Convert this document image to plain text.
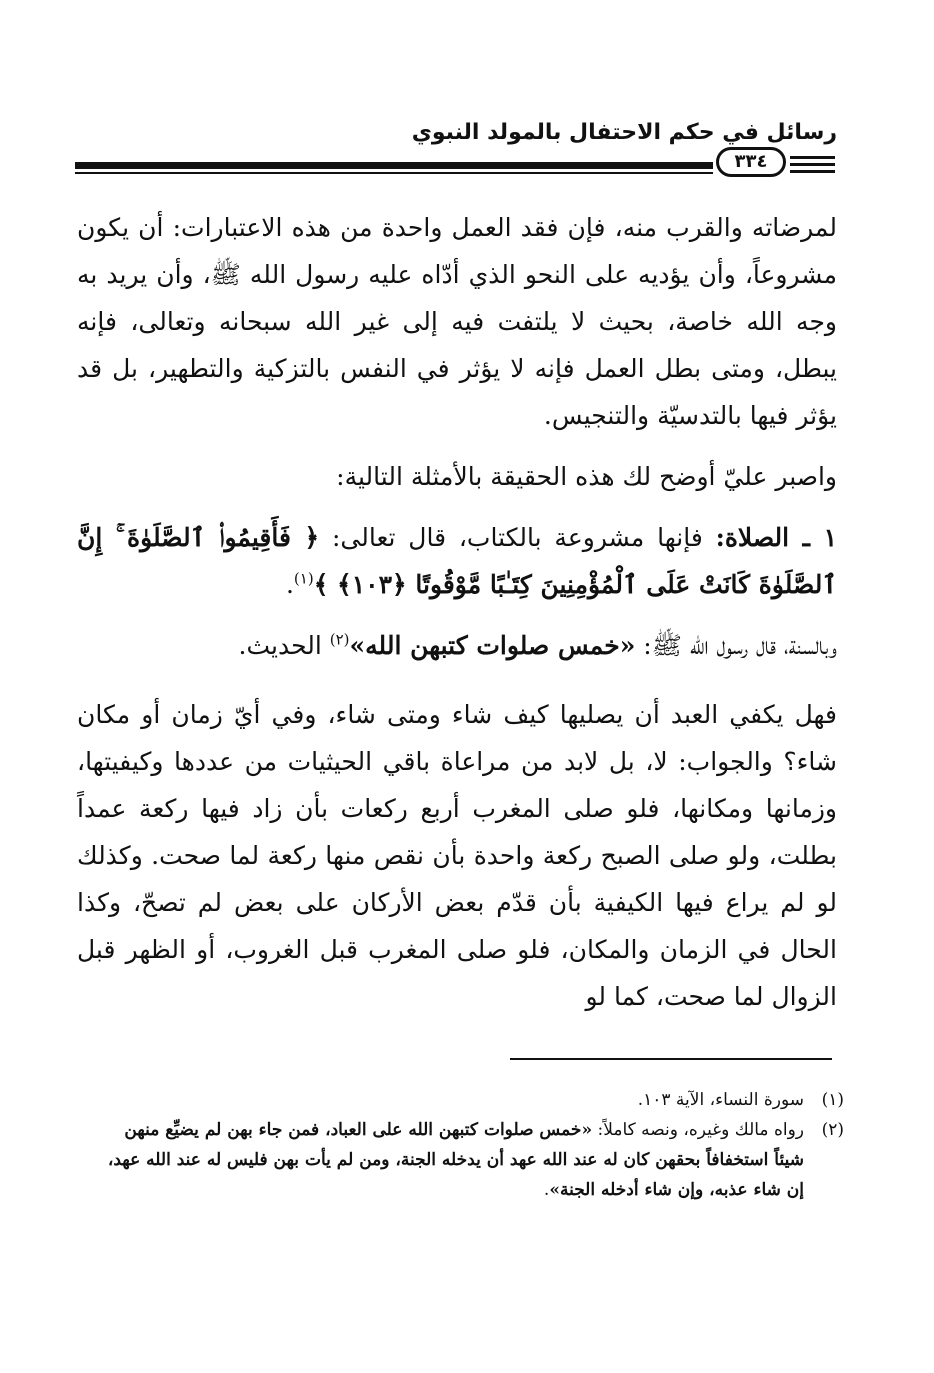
رسائل في حكم الاحتفال بالمولد النبوي
٣٣٤

لمرضاته والقرب منه، فإن فقد العمل واحدة من هذه الاعتبارات: أن يكون مشروعاً، وأن يؤديه على النحو الذي أدّاه عليه رسول الله ﷺ، وأن يريد به وجه الله خاصة، بحيث لا يلتفت فيه إلى غير الله سبحانه وتعالى، فإنه يبطل، ومتى بطل العمل فإنه لا يؤثر في النفس بالتزكية والتطهير، بل قد يؤثر فيها بالتدسيّة والتنجيس.

واصبر عليّ أوضح لك هذه الحقيقة بالأمثلة التالية:

١ ـ الصلاة: فإنها مشروعة بالكتاب، قال تعالى: ﴿ فَأَقِيمُوا۟ ٱلصَّلَوٰةَ ۚ إِنَّ ٱلصَّلَوٰةَ كَانَتْ عَلَى ٱلْمُؤْمِنِينَ كِتَـٰبًا مَّوْقُوتًا ﴿١٠٣﴾ ﴾$^{(١)}$.

وبالسنة، قال رسول الله ﷺ: «خمس صلوات كتبهن الله»$^{(٢)}$ الحديث.

فهل يكفي العبد أن يصليها كيف شاء ومتى شاء، وفي أيّ زمان أو مكان شاء؟ والجواب: لا، بل لابد من مراعاة باقي الحيثيات من عددها وكيفيتها، وزمانها ومكانها، فلو صلى المغرب أربع ركعات بأن زاد فيها ركعة عمداً بطلت، ولو صلى الصبح ركعة واحدة بأن نقص منها ركعة لما صحت. وكذلك لو لم يراع فيها الكيفية بأن قدّم بعض الأركان على بعض لم تصحّ، وكذا الحال في الزمان والمكان، فلو صلى المغرب قبل الغروب، أو الظهر قبل الزوال لما صحت، كما لو

(١)
سورة النساء، الآية ١٠٣.

(٢)
رواه مالك وغيره، ونصه كاملاً: «خمس صلوات كتبهن الله على العباد، فمن جاء بهن لم يضيِّع منهن شيئاً استخفافاً بحقهن كان له عند الله عهد أن يدخله الجنة، ومن لم يأت بهن فليس له عند الله عهد، إن شاء عذبه، وإن شاء أدخله الجنة».
